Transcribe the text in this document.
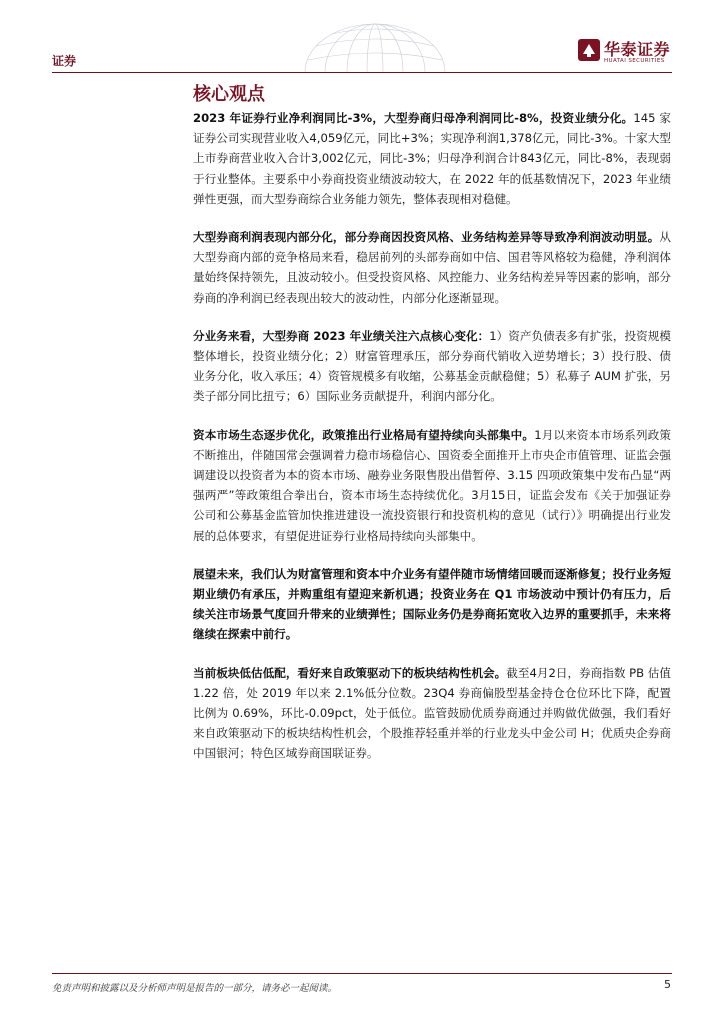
证券
华泰证券
HUATAI SECURITIES
核心观点

2023 年证券行业净利润同比-3%，大型券商归母净利润同比-8%，投资业绩分化。145 家证券公司实现营业收入4,059亿元，同比+3%；实现净利润1,378亿元，同比-3%。十家大型上市券商营业收入合计3,002亿元，同比-3%；归母净利润合计843亿元，同比-8%，表现弱于行业整体。主要系中小券商投资业绩波动较大，在 2022 年的低基数情况下，2023 年业绩弹性更强，而大型券商综合业务能力领先，整体表现相对稳健。

大型券商利润表现内部分化，部分券商因投资风格、业务结构差异等导致净利润波动明显。从大型券商内部的竞争格局来看，稳居前列的头部券商如中信、国君等风格较为稳健，净利润体量始终保持领先，且波动较小。但受投资风格、风控能力、业务结构差异等因素的影响，部分券商的净利润已经表现出较大的波动性，内部分化逐渐显现。

分业务来看，大型券商 2023 年业绩关注六点核心变化：1）资产负债表多有扩张，投资规模整体增长，投资业绩分化；2）财富管理承压，部分券商代销收入逆势增长；3）投行股、债业务分化，收入承压；4）资管规模多有收缩，公募基金贡献稳健；5）私募子 AUM 扩张，另类子部分同比扭亏；6）国际业务贡献提升，利润内部分化。

资本市场生态逐步优化，政策推出行业格局有望持续向头部集中。1月以来资本市场系列政策不断推出，伴随国常会强调着力稳市场稳信心、国资委全面推开上市央企市值管理、证监会强调建设以投资者为本的资本市场、融券业务限售股出借暂停、3.15 四项政策集中发布凸显“两强两严”等政策组合拳出台，资本市场生态持续优化。3月15日，证监会发布《关于加强证券公司和公募基金监管加快推进建设一流投资银行和投资机构的意见（试行）》明确提出行业发展的总体要求，有望促进证券行业格局持续向头部集中。

展望未来，我们认为财富管理和资本中介业务有望伴随市场情绪回暖而逐渐修复；投行业务短期业绩仍有承压，并购重组有望迎来新机遇；投资业务在 Q1 市场波动中预计仍有压力，后续关注市场景气度回升带来的业绩弹性；国际业务仍是券商拓宽收入边界的重要抓手，未来将继续在探索中前行。

当前板块低估低配，看好来自政策驱动下的板块结构性机会。截至4月2日，券商指数 PB 估值 1.22 倍，处 2019 年以来 2.1%低分位数。23Q4 券商偏股型基金持仓仓位环比下降，配置比例为 0.69%，环比-0.09pct，处于低位。监管鼓励优质券商通过并购做优做强，我们看好来自政策驱动下的板块结构性机会，个股推荐轻重并举的行业龙头中金公司 H；优质央企券商中国银河；特色区域券商国联证券。

免责声明和披露以及分析师声明是报告的一部分，请务必一起阅读。	5
